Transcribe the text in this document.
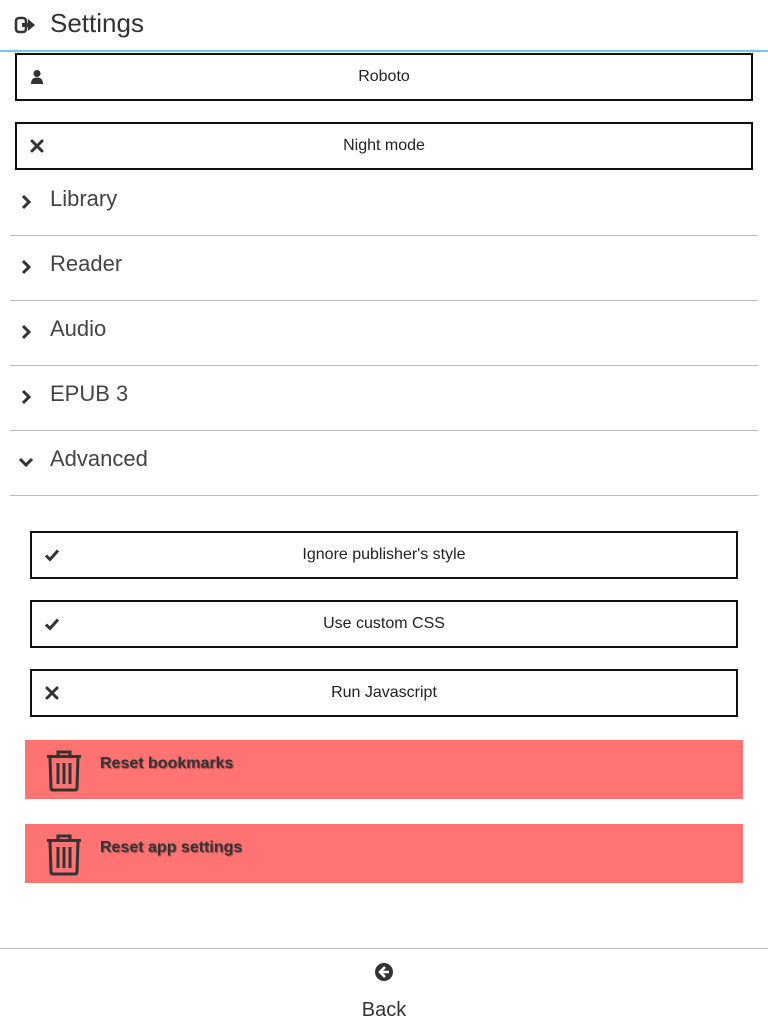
Settings
Roboto
Night mode
Library
Reader
Audio
EPUB 3
Advanced
Ignore publisher's style
Use custom CSS
Run Javascript
Reset bookmarks
Reset app settings
Back
